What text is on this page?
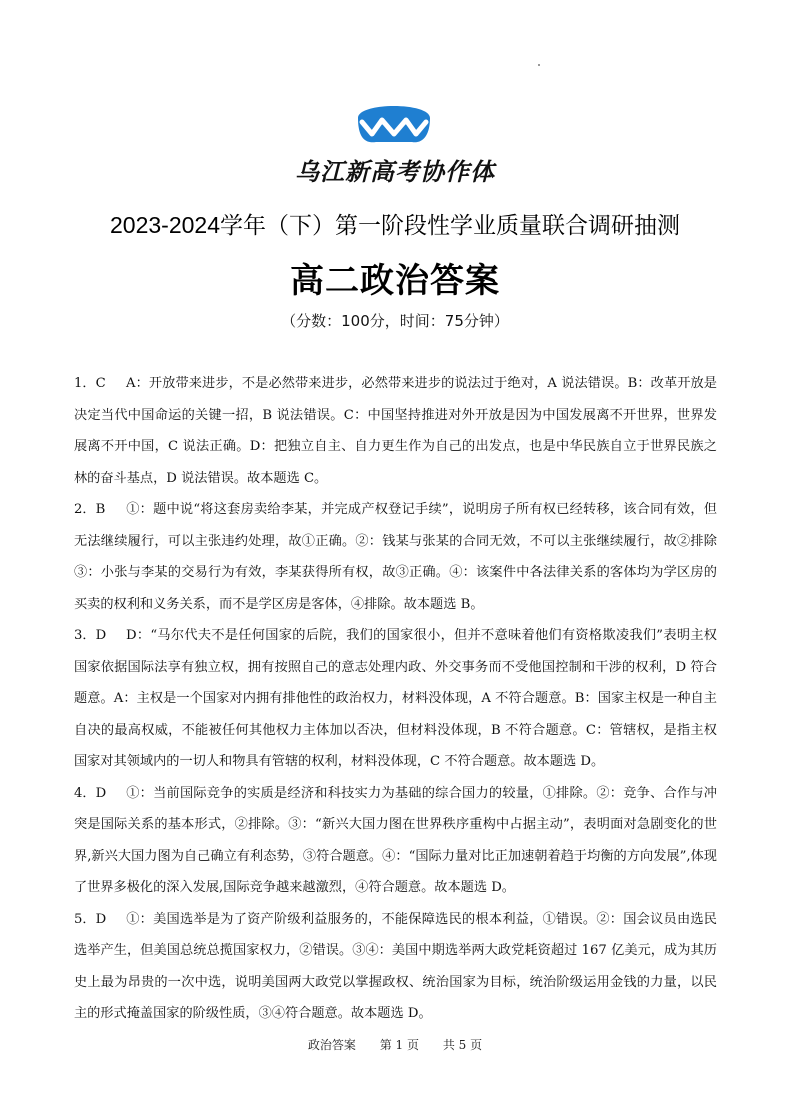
乌江新高考协作体
2023-2024学年（下）第一阶段性学业质量联合调研抽测
高二政治答案
（分数：100分，时间：75分钟）

1．C A：开放带来进步，不是必然带来进步，必然带来进步的说法过于绝对，A 说法错误。B：改革开放是决定当代中国命运的关键一招，B 说法错误。C：中国坚持推进对外开放是因为中国发展离不开世界，世界发展离不开中国，C 说法正确。D：把独立自主、自力更生作为自己的出发点，也是中华民族自立于世界民族之林的奋斗基点，D 说法错误。故本题选 C。

2．B ①：题中说“将这套房卖给李某，并完成产权登记手续”，说明房子所有权已经转移，该合同有效，但无法继续履行，可以主张违约处理，故①正确。②：钱某与张某的合同无效，不可以主张继续履行，故②排除③：小张与李某的交易行为有效，李某获得所有权，故③正确。④：该案件中各法律关系的客体均为学区房的买卖的权利和义务关系，而不是学区房是客体，④排除。故本题选 B。

3．D D：“马尔代夫不是任何国家的后院，我们的国家很小，但并不意味着他们有资格欺凌我们”表明主权国家依据国际法享有独立权，拥有按照自己的意志处理内政、外交事务而不受他国控制和干涉的权利，D 符合题意。A：主权是一个国家对内拥有排他性的政治权力，材料没体现，A 不符合题意。B：国家主权是一种自主自决的最高权威，不能被任何其他权力主体加以否决，但材料没体现，B 不符合题意。C：管辖权，是指主权国家对其领域内的一切人和物具有管辖的权利，材料没体现，C 不符合题意。故本题选 D。

4．D ①：当前国际竞争的实质是经济和科技实力为基础的综合国力的较量，①排除。②：竞争、合作与冲突是国际关系的基本形式，②排除。③：“新兴大国力图在世界秩序重构中占据主动”，表明面对急剧变化的世界,新兴大国力图为自己确立有利态势，③符合题意。④：“国际力量对比正加速朝着趋于均衡的方向发展”,体现了世界多极化的深入发展,国际竞争越来越激烈，④符合题意。故本题选 D。

5．D ①：美国选举是为了资产阶级利益服务的，不能保障选民的根本利益，①错误。②：国会议员由选民选举产生，但美国总统总揽国家权力，②错误。③④：美国中期选举两大政党耗资超过 167 亿美元，成为其历史上最为昂贵的一次中选，说明美国两大政党以掌握政权、统治国家为目标，统治阶级运用金钱的力量，以民主的形式掩盖国家的阶级性质，③④符合题意。故本题选 D。

政治答案 第 1 页 共 5 页
